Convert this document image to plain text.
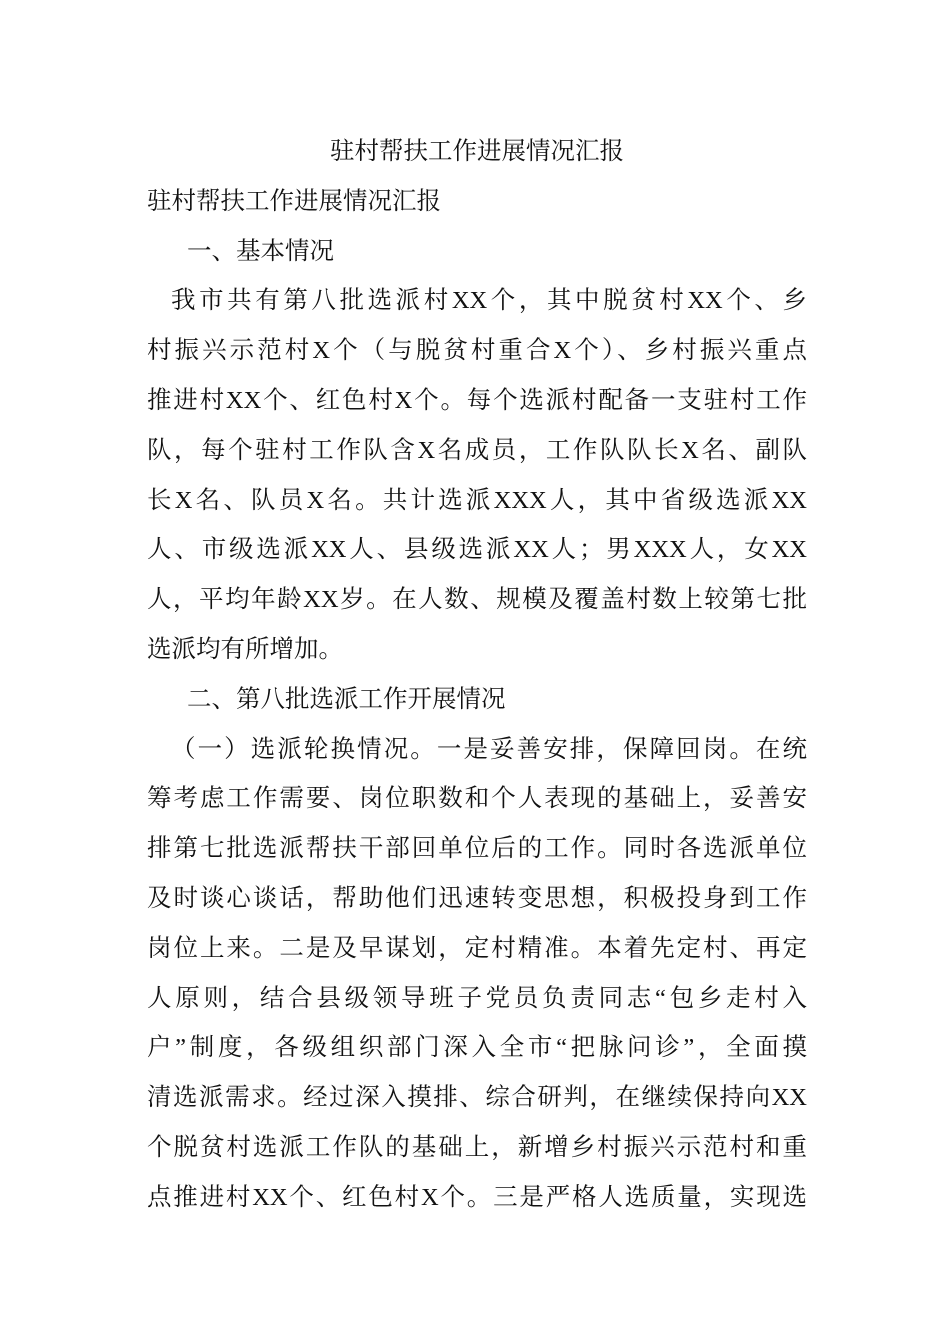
驻村帮扶工作进展情况汇报
驻村帮扶工作进展情况汇报
一、基本情况
我市共有第八批选派村XX个，其中脱贫村XX个、乡
村振兴示范村X个（与脱贫村重合X个）、乡村振兴重点
推进村XX个、红色村X个。每个选派村配备一支驻村工作
队，每个驻村工作队含X名成员，工作队队长X名、副队
长X名、队员X名。共计选派XXX人，其中省级选派XX
人、市级选派XX人、县级选派XX人；男XXX人，女XX
人，平均年龄XX岁。在人数、规模及覆盖村数上较第七批
选派均有所增加。
二、第八批选派工作开展情况
（一）选派轮换情况。一是妥善安排，保障回岗。在统
筹考虑工作需要、岗位职数和个人表现的基础上，妥善安
排第七批选派帮扶干部回单位后的工作。同时各选派单位
及时谈心谈话，帮助他们迅速转变思想，积极投身到工作
岗位上来。二是及早谋划，定村精准。本着先定村、再定
人原则，结合县级领导班子党员负责同志“包乡走村入
户”制度，各级组织部门深入全市“把脉问诊”，全面摸
清选派需求。经过深入摸排、综合研判，在继续保持向XX
个脱贫村选派工作队的基础上，新增乡村振兴示范村和重
点推进村XX个、红色村X个。三是严格人选质量，实现选
